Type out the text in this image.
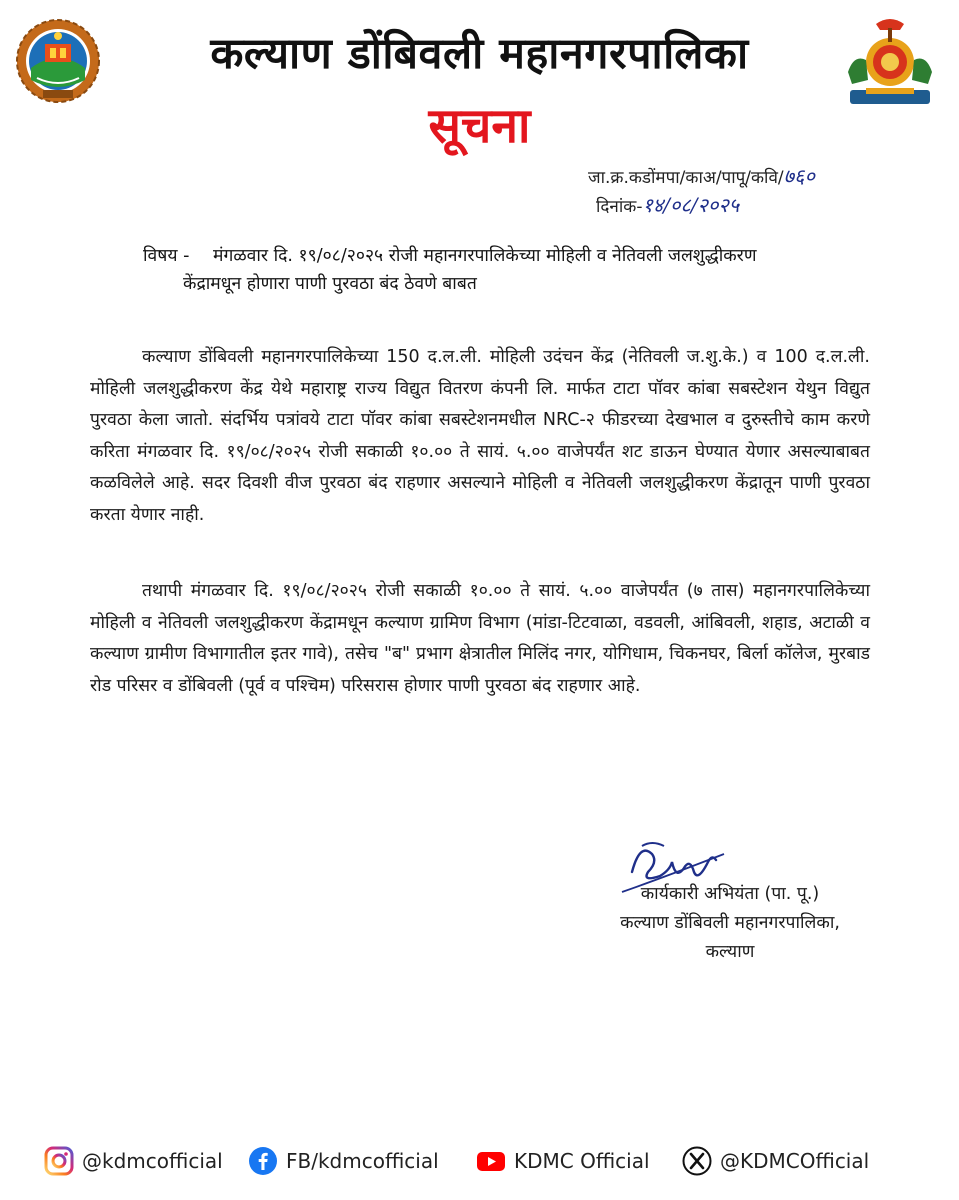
कल्याण डोंबिवली महानगरपालिका
सूचना
जा.क्र.कडोंमपा/काअ/पापू/कवि/७६०
दिनांक-१४/०८/२०२५
विषय - मंगळवार दि. १९/०८/२०२५ रोजी महानगरपालिकेच्या मोहिली व नेतिवली जलशुद्धीकरण
केंद्रामधून होणारा पाणी पुरवठा बंद ठेवणे बाबत

कल्याण डोंबिवली महानगरपालिकेच्या 150 द.ल.ली. मोहिली उदंचन केंद्र (नेतिवली ज.शु.के.) व 100 द.ल.ली. मोहिली जलशुद्धीकरण केंद्र येथे महाराष्ट्र राज्य विद्युत वितरण कंपनी लि. मार्फत टाटा पॉवर कांबा सबस्टेशन येथुन विद्युत पुरवठा केला जातो. संदर्भिय पत्रांवये टाटा पॉवर कांबा सबस्टेशनमधील NRC-२ फीडरच्या देखभाल व दुरुस्तीचे काम करणे करिता मंगळवार दि. १९/०८/२०२५ रोजी सकाळी १०.०० ते सायं. ५.०० वाजेपर्यंत शट डाऊन घेण्यात येणार असल्याबाबत कळविलेले आहे. सदर दिवशी वीज पुरवठा बंद राहणार असल्याने मोहिली व नेतिवली जलशुद्धीकरण केंद्रातून पाणी पुरवठा करता येणार नाही.

तथापी मंगळवार दि. १९/०८/२०२५ रोजी सकाळी १०.०० ते सायं. ५.०० वाजेपर्यंत (७ तास) महानगरपालिकेच्या मोहिली व नेतिवली जलशुद्धीकरण केंद्रामधून कल्याण ग्रामिण विभाग (मांडा-टिटवाळा, वडवली, आंबिवली, शहाड, अटाळी व कल्याण ग्रामीण विभागातील इतर गावे), तसेच "ब" प्रभाग क्षेत्रातील मिलिंद नगर, योगिधाम, चिकनघर, बिर्ला कॉलेज, मुरबाड रोड परिसर व डोंबिवली (पूर्व व पश्चिम) परिसरास होणार पाणी पुरवठा बंद राहणार आहे.

कार्यकारी अभियंता (पा. पू.)
कल्याण डोंबिवली महानगरपालिका,
कल्याण
@kdmcofficial	FB/kdmcofficial	KDMC Official	@KDMCOfficial
